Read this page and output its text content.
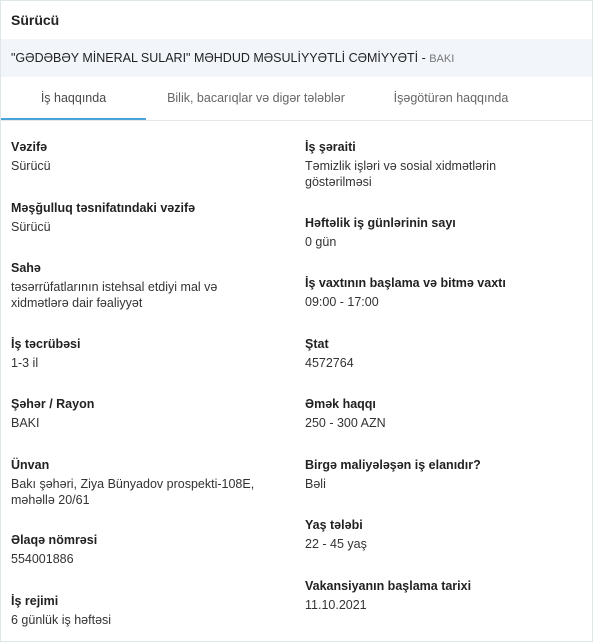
Sürücü
"GƏDƏBƏY MİNERAL SULARI" MƏHDUD MƏSULİYYƏTLİ CƏMİYYƏTİ - BAKI
İş haqqında	Bilik, bacarıqlar və digər tələblər	İşəgötürən haqqında
Vəzifə
Sürücü
Məşğulluq təsnifatındaki vəzifə
Sürücü
Sahə
təsərrüfatlarının istehsal etdiyi mal və xidmətlərə dair fəaliyyət
İş təcrübəsi
1-3 il
Şəhər / Rayon
BAKI
Ünvan
Bakı şəhəri, Ziya Bünyadov prospekti-108E, məhəllə 20/61
Əlaqə nömrəsi
554001886
İş rejimi
6 günlük iş həftəsi
İş şəraiti
Təmizlik işləri və sosial xidmətlərin göstərilməsi
Həftəlik iş günlərinin sayı
0 gün
İş vaxtının başlama və bitmə vaxtı
09:00 - 17:00
Ştat
4572764
Əmək haqqı
250 - 300 AZN
Birgə maliyələşən iş elanıdır?
Bəli
Yaş tələbi
22 - 45 yaş
Vakansiyanın başlama tarixi
11.10.2021
